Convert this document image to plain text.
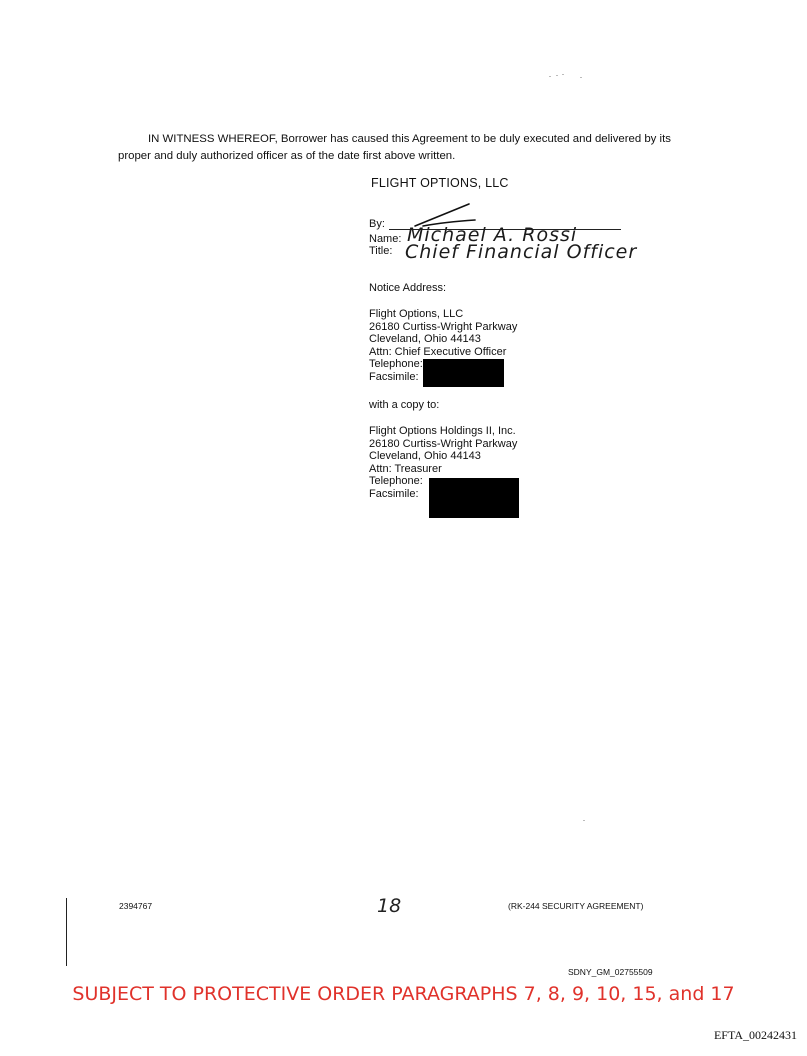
IN WITNESS WHEREOF, Borrower has caused this Agreement to be duly executed and delivered by its proper and duly authorized officer as of the date first above written.

FLIGHT OPTIONS, LLC
By:
Name:
Title:
Michael A. Rossi
Chief Financial Officer
Notice Address:
Flight Options, LLC
26180 Curtiss-Wright Parkway
Cleveland, Ohio 44143
Attn: Chief Executive Officer
Telephone:
Facsimile:
with a copy to:
Flight Options Holdings II, Inc.
26180 Curtiss-Wright Parkway
Cleveland, Ohio 44143
Attn: Treasurer
Telephone:
Facsimile:
2394767	18	(RK-244 SECURITY AGREEMENT)
SDNY_GM_02755509
SUBJECT TO PROTECTIVE ORDER PARAGRAPHS 7, 8, 9, 10, 15, and 17
EFTA_00242431
